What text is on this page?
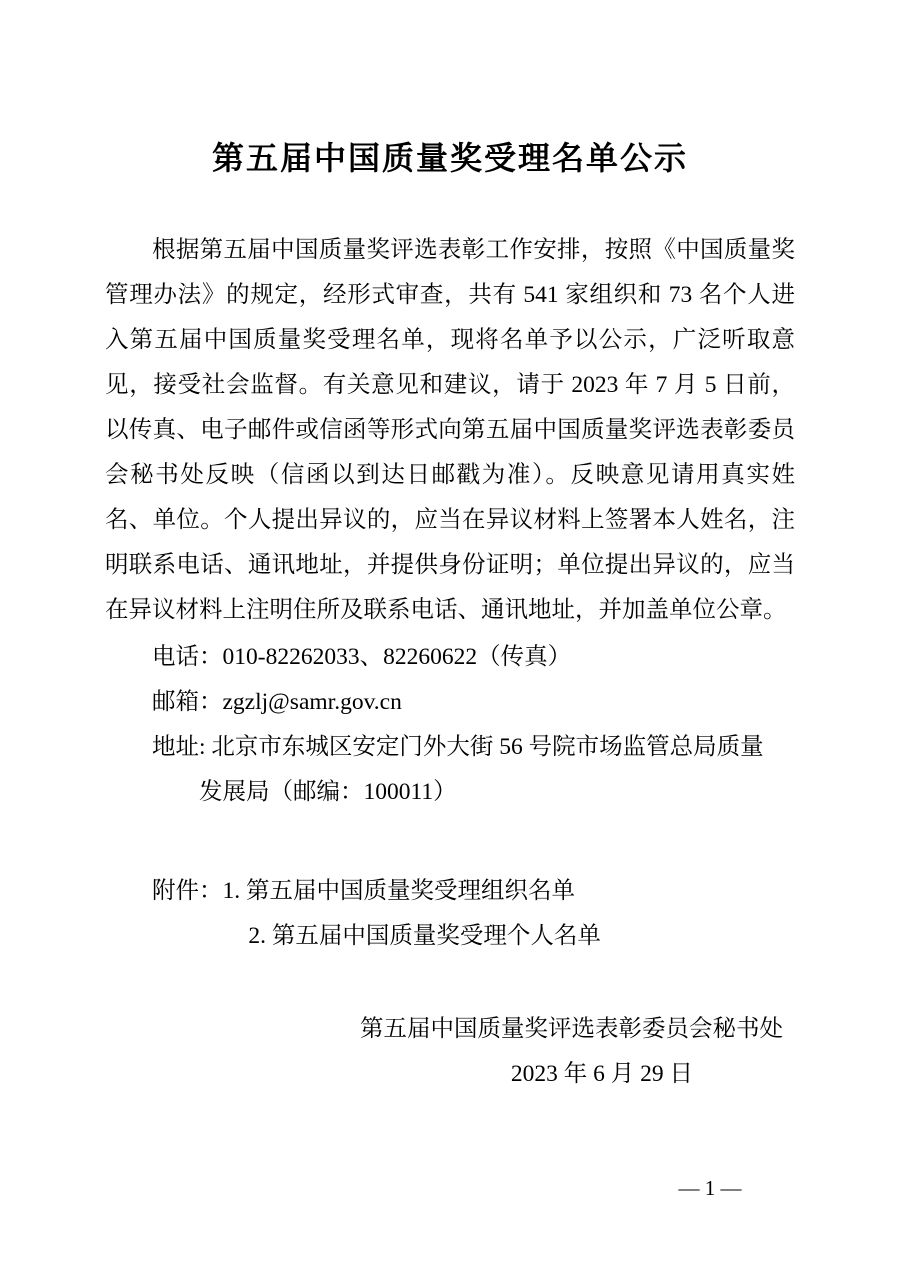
第五届中国质量奖受理名单公示

根据第五届中国质量奖评选表彰工作安排，按照《中国质量奖管理办法》的规定，经形式审查，共有 541 家组织和 73 名个人进入第五届中国质量奖受理名单，现将名单予以公示，广泛听取意见，接受社会监督。有关意见和建议，请于 2023 年 7 月 5 日前，以传真、电子邮件或信函等形式向第五届中国质量奖评选表彰委员会秘书处反映（信函以到达日邮戳为准）。反映意见请用真实姓名、单位。个人提出异议的，应当在异议材料上签署本人姓名，注明联系电话、通讯地址，并提供身份证明；单位提出异议的，应当在异议材料上注明住所及联系电话、通讯地址，并加盖单位公章。

电话：010-82262033、82260622（传真）

邮箱：zgzlj@samr.gov.cn

地址: 北京市东城区安定门外大街 56 号院市场监管总局质量

发展局（邮编：100011）

附件：1. 第五届中国质量奖受理组织名单

2. 第五届中国质量奖受理个人名单

第五届中国质量奖评选表彰委员会秘书处

2023 年 6 月 29 日

— 1 —
